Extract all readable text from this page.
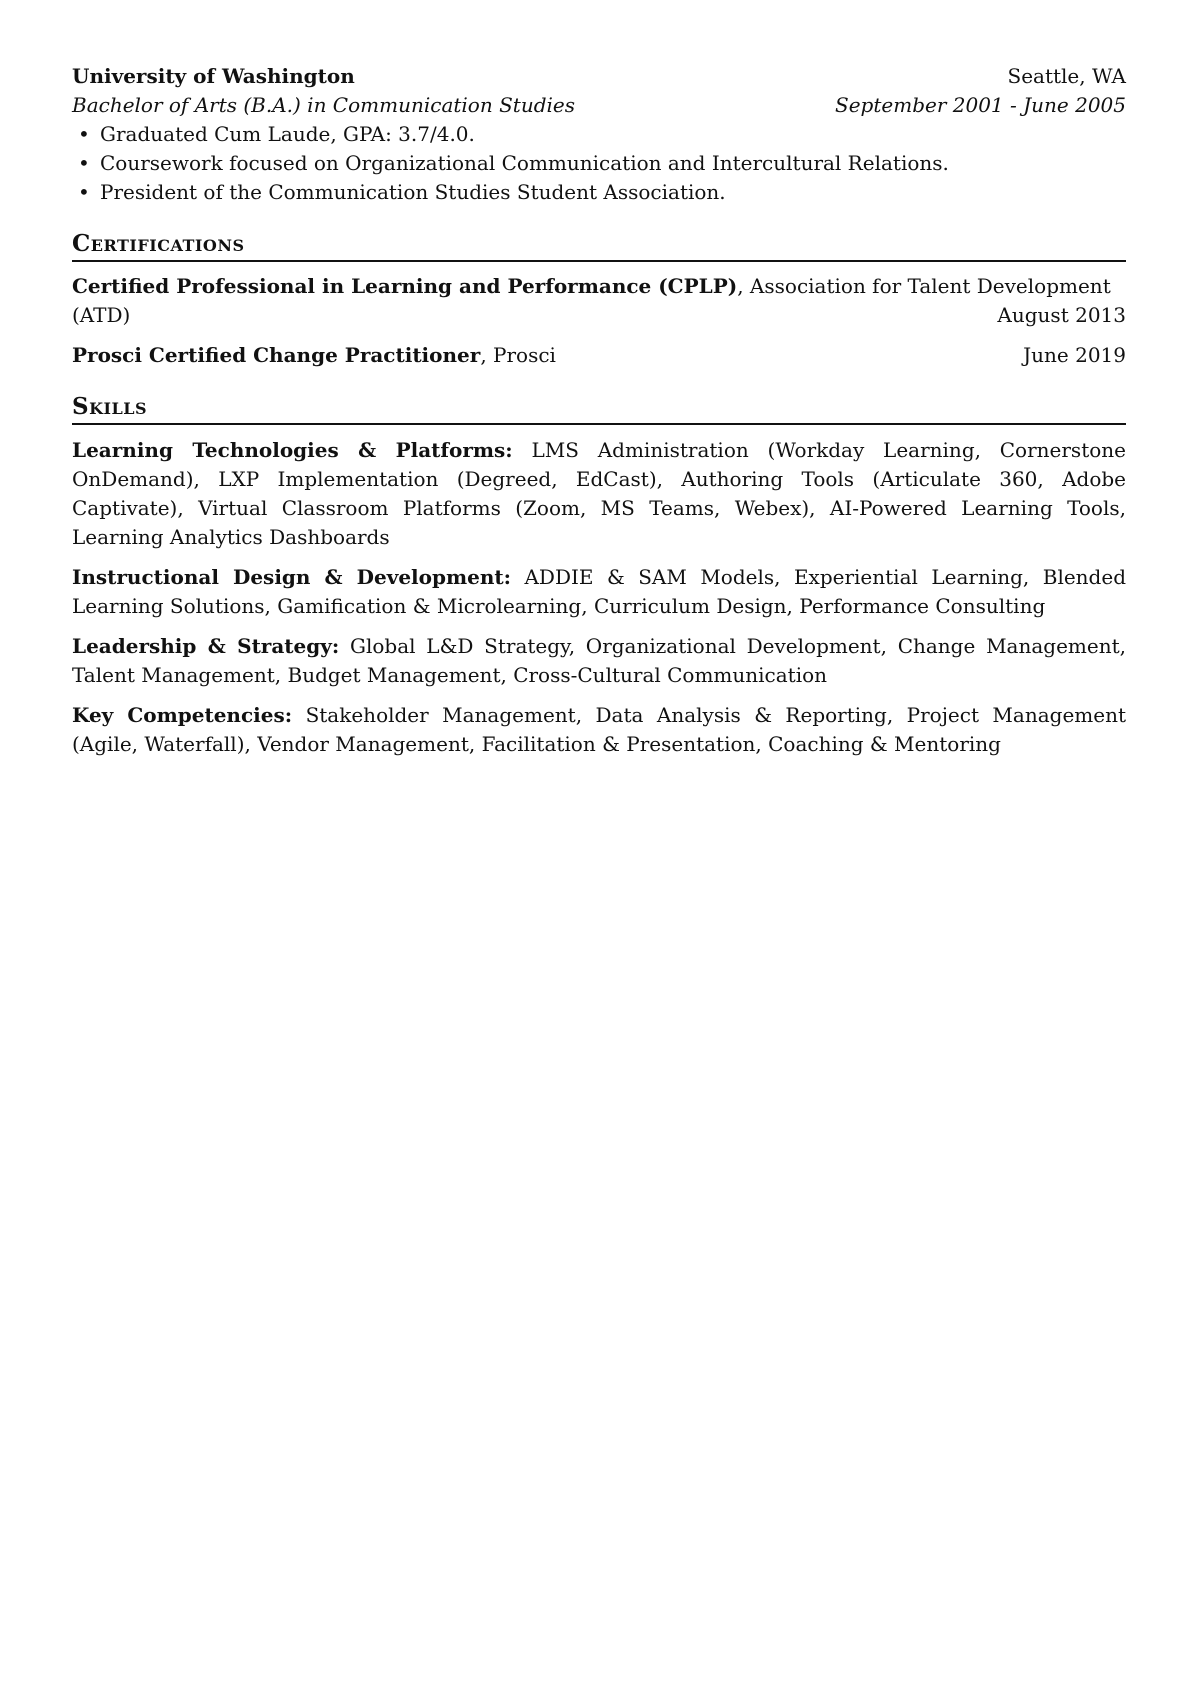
University of Washington	Seattle, WA
Bachelor of Arts (B.A.) in Communication Studies	September 2001 - June 2005
• Graduated Cum Laude, GPA: 3.7/4.0.
• Coursework focused on Organizational Communication and Intercultural Relations.
• President of the Communication Studies Student Association.
Certifications
Certified Professional in Learning and Performance (CPLP), Association for Talent Development
(ATD)	August 2013
Prosci Certified Change Practitioner, Prosci	June 2019
Skills
Learning Technologies & Platforms: LMS Administration (Workday Learning, Cornerstone OnDemand), LXP Implementation (Degreed, EdCast), Authoring Tools (Articulate 360, Adobe Captivate), Virtual Classroom Platforms (Zoom, MS Teams, Webex), AI-Powered Learning Tools, Learning Analytics Dashboards
Instructional Design & Development: ADDIE & SAM Models, Experiential Learning, Blended Learning Solutions, Gamification & Microlearning, Curriculum Design, Performance Consulting
Leadership & Strategy: Global L&D Strategy, Organizational Development, Change Management, Talent Management, Budget Management, Cross-Cultural Communication
Key Competencies: Stakeholder Management, Data Analysis & Reporting, Project Management (Agile, Waterfall), Vendor Management, Facilitation & Presentation, Coaching & Mentoring
